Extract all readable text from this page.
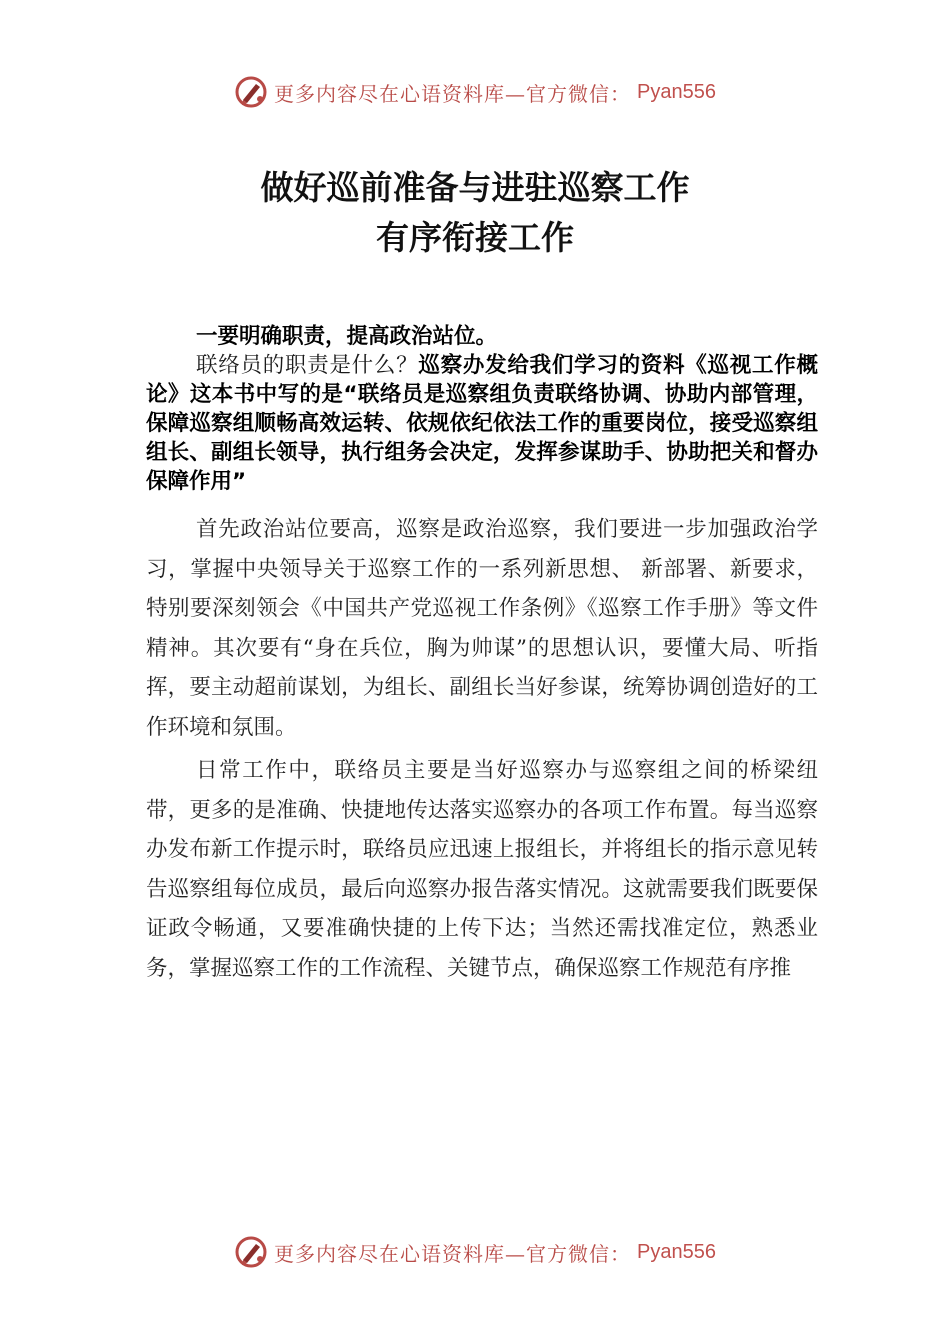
更多内容尽在心语资料库—官方微信： Pyan556
做好巡前准备与进驻巡察工作
有序衔接工作

一要明确职责，提高政治站位。

联络员的职责是什么？巡察办发给我们学习的资料《巡视工作概论》这本书中写的是“联络员是巡察组负责联络协调、协助内部管理，保障巡察组顺畅高效运转、依规依纪依法工作的重要岗位，接受巡察组组长、副组长领导，执行组务会决定，发挥参谋助手、协助把关和督办保障作用”

首先政治站位要高，巡察是政治巡察，我们要进一步加强政治学习，掌握中央领导关于巡察工作的一系列新思想、 新部署、新要求，特别要深刻领会《中国共产党巡视工作条例》《巡察工作手册》等文件精神。其次要有“身在兵位，胸为帅谋”的思想认识，要懂大局、听指挥，要主动超前谋划，为组长、副组长当好参谋，统筹协调创造好的工作环境和氛围。

日常工作中，联络员主要是当好巡察办与巡察组之间的桥梁纽带，更多的是准确、快捷地传达落实巡察办的各项工作布置。每当巡察办发布新工作提示时，联络员应迅速上报组长，并将组长的指示意见转告巡察组每位成员，最后向巡察办报告落实情况。这就需要我们既要保证政令畅通，又要准确快捷的上传下达；当然还需找准定位，熟悉业务，掌握巡察工作的工作流程、关键节点，确保巡察工作规范有序推

更多内容尽在心语资料库—官方微信： Pyan556
